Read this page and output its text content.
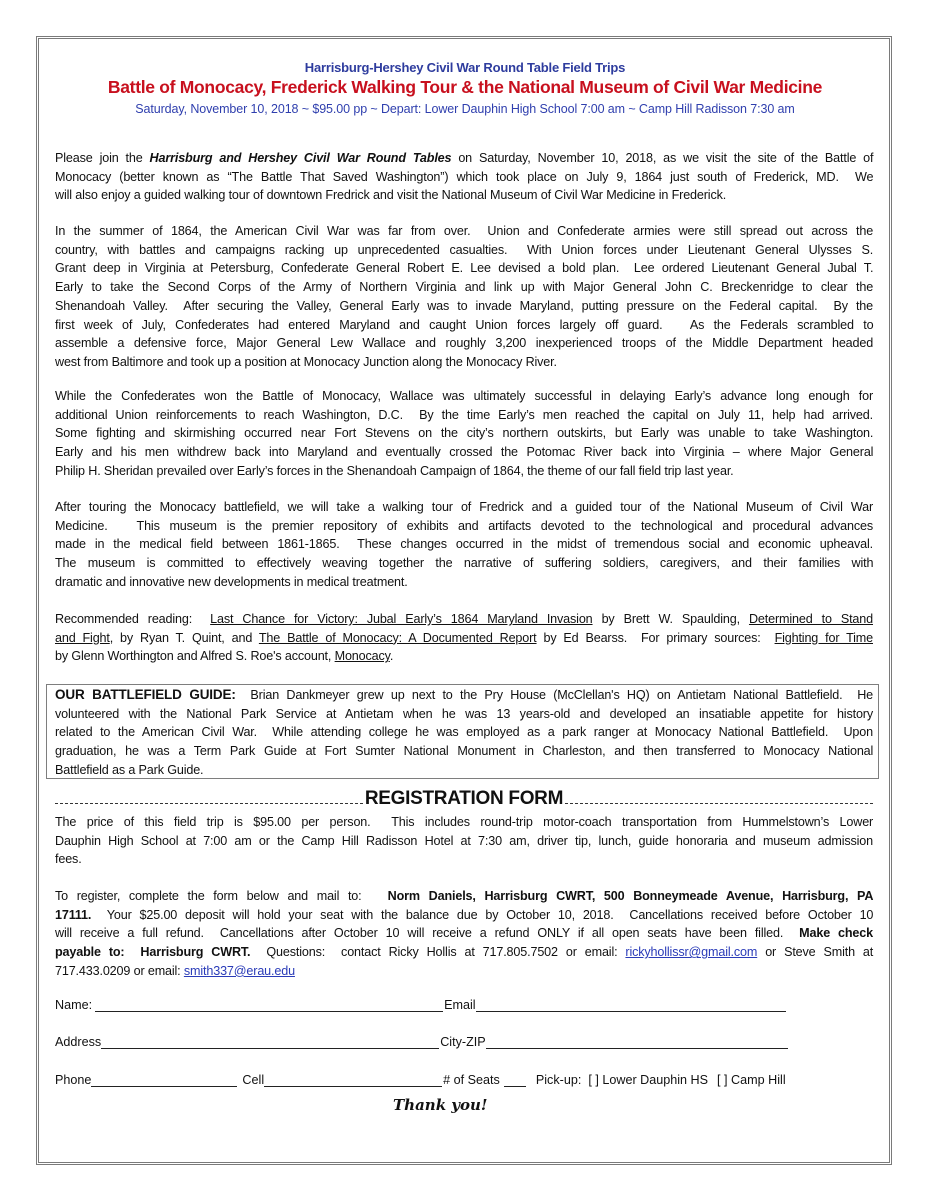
Harrisburg-Hershey Civil War Round Table Field Trips
Battle of Monocacy, Frederick Walking Tour & the National Museum of Civil War Medicine
Saturday, November 10, 2018 ~ $95.00 pp ~ Depart: Lower Dauphin High School 7:00 am ~ Camp Hill Radisson 7:30 am
Please join the Harrisburg and Hershey Civil War Round Tables on Saturday, November 10, 2018, as we visit the site of the Battle of
Monocacy (better known as “The Battle That Saved Washington”) which took place on July 9, 1864 just south of Frederick, MD.  We
will also enjoy a guided walking tour of downtown Fredrick and visit the National Museum of Civil War Medicine in Frederick.
In the summer of 1864, the American Civil War was far from over.  Union and Confederate armies were still spread out across the
country, with battles and campaigns racking up unprecedented casualties.  With Union forces under Lieutenant General Ulysses S.
Grant deep in Virginia at Petersburg, Confederate General Robert E. Lee devised a bold plan.  Lee ordered Lieutenant General Jubal T.
Early to take the Second Corps of the Army of Northern Virginia and link up with Major General John C. Breckenridge to clear the
Shenandoah Valley.  After securing the Valley, General Early was to invade Maryland, putting pressure on the Federal capital.  By the
first week of July, Confederates had entered Maryland and caught Union forces largely off guard.   As the Federals scrambled to
assemble a defensive force, Major General Lew Wallace and roughly 3,200 inexperienced troops of the Middle Department headed
west from Baltimore and took up a position at Monocacy Junction along the Monocacy River.
While the Confederates won the Battle of Monocacy, Wallace was ultimately successful in delaying Early’s advance long enough for
additional Union reinforcements to reach Washington, D.C.  By the time Early’s men reached the capital on July 11, help had arrived.
Some fighting and skirmishing occurred near Fort Stevens on the city’s northern outskirts, but Early was unable to take Washington.
Early and his men withdrew back into Maryland and eventually crossed the Potomac River back into Virginia – where Major General
Philip H. Sheridan prevailed over Early’s forces in the Shenandoah Campaign of 1864, the theme of our fall field trip last year.
After touring the Monocacy battlefield, we will take a walking tour of Fredrick and a guided tour of the National Museum of Civil War
Medicine.   This museum is the premier repository of exhibits and artifacts devoted to the technological and procedural advances
made in the medical field between 1861-1865.  These changes occurred in the midst of tremendous social and economic upheaval.
The museum is committed to effectively weaving together the narrative of suffering soldiers, caregivers, and their families with
dramatic and innovative new developments in medical treatment.
Recommended reading:  Last Chance for Victory: Jubal Early’s 1864 Maryland Invasion by Brett W. Spaulding, Determined to Stand
and Fight, by Ryan T. Quint, and The Battle of Monocacy: A Documented Report by Ed Bearss.  For primary sources:  Fighting for Time
by Glenn Worthington and Alfred S. Roe's account, Monocacy.
OUR BATTLEFIELD GUIDE:  Brian Dankmeyer grew up next to the Pry House (McClellan's HQ) on Antietam National Battlefield.  He
volunteered with the National Park Service at Antietam when he was 13 years-old and developed an insatiable appetite for history
related to the American Civil War.  While attending college he was employed as a park ranger at Monocacy National Battlefield.  Upon
graduation, he was a Term Park Guide at Fort Sumter National Monument in Charleston, and then transferred to Monocacy National
Battlefield as a Park Guide.
REGISTRATION FORM
The price of this field trip is $95.00 per person.  This includes round-trip motor-coach transportation from Hummelstown’s Lower
Dauphin High School at 7:00 am or the Camp Hill Radisson Hotel at 7:30 am, driver tip, lunch, guide honoraria and museum admission
fees.
To register, complete the form below and mail to:   Norm Daniels, Harrisburg CWRT, 500 Bonneymeade Avenue, Harrisburg, PA
17111.  Your $25.00 deposit will hold your seat with the balance due by October 10, 2018.  Cancellations received before October 10
will receive a full refund.  Cancellations after October 10 will receive a refund ONLY if all open seats have been filled.  Make check
payable to:  Harrisburg CWRT.  Questions:  contact Ricky Hollis at 717.805.7502 or email: rickyhollissr@gmail.com or Steve Smith at
717.433.0209 or email: smith337@erau.edu
Name:	Email
Address	City-ZIP
Phone	Cell	# of Seats	Pick-up: [ ] Lower Dauphin HS [ ] Camp Hill
Thank you!
